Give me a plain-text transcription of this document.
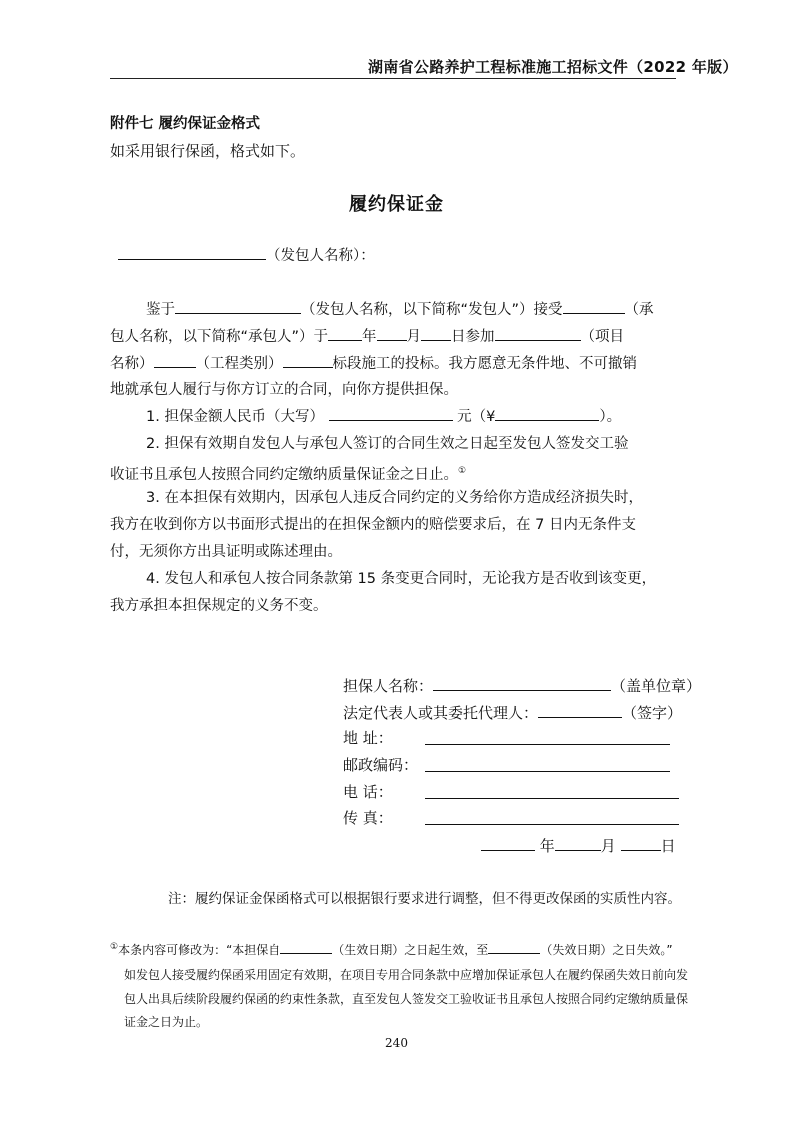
湖南省公路养护工程标准施工招标文件（2022 年版）
附件七 履约保证金格式
如采用银行保函，格式如下。
履约保证金
（发包人名称）：
鉴于	（发包人名称，以下简称“发包人”）接受	（承
包人名称，以下简称“承包人”）于 年 月 日参加	（项目
名称）	（工程类别）	标段施工的投标。我方愿意无条件地、不可撤销
地就承包人履行与你方订立的合同，向你方提供担保。
1. 担保金额人民币（大写）	元（¥	）。
2. 担保有效期自发包人与承包人签订的合同生效之日起至发包人签发交工验
收证书且承包人按照合同约定缴纳质量保证金之日止。①
3. 在本担保有效期内，因承包人违反合同约定的义务给你方造成经济损失时，
我方在收到你方以书面形式提出的在担保金额内的赔偿要求后，在 7 日内无条件支
付，无须你方出具证明或陈述理由。
4. 发包人和承包人按合同条款第 15 条变更合同时，无论我方是否收到该变更，
我方承担本担保规定的义务不变。
担保人名称：	（盖单位章）
法定代表人或其委托代理人：	（签字）
地 址：
邮政编码：
电 话：
传 真：
年	月	日
注：履约保证金保函格式可以根据银行要求进行调整，但不得更改保函的实质性内容。
①本条内容可修改为：“本担保自	（生效日期）之日起生效，至	（失效日期）之日失效。”
如发包人接受履约保函采用固定有效期，在项目专用合同条款中应增加保证承包人在履约保函失效日前向发
包人出具后续阶段履约保函的约束性条款，直至发包人签发交工验收证书且承包人按照合同约定缴纳质量保
证金之日为止。
240
